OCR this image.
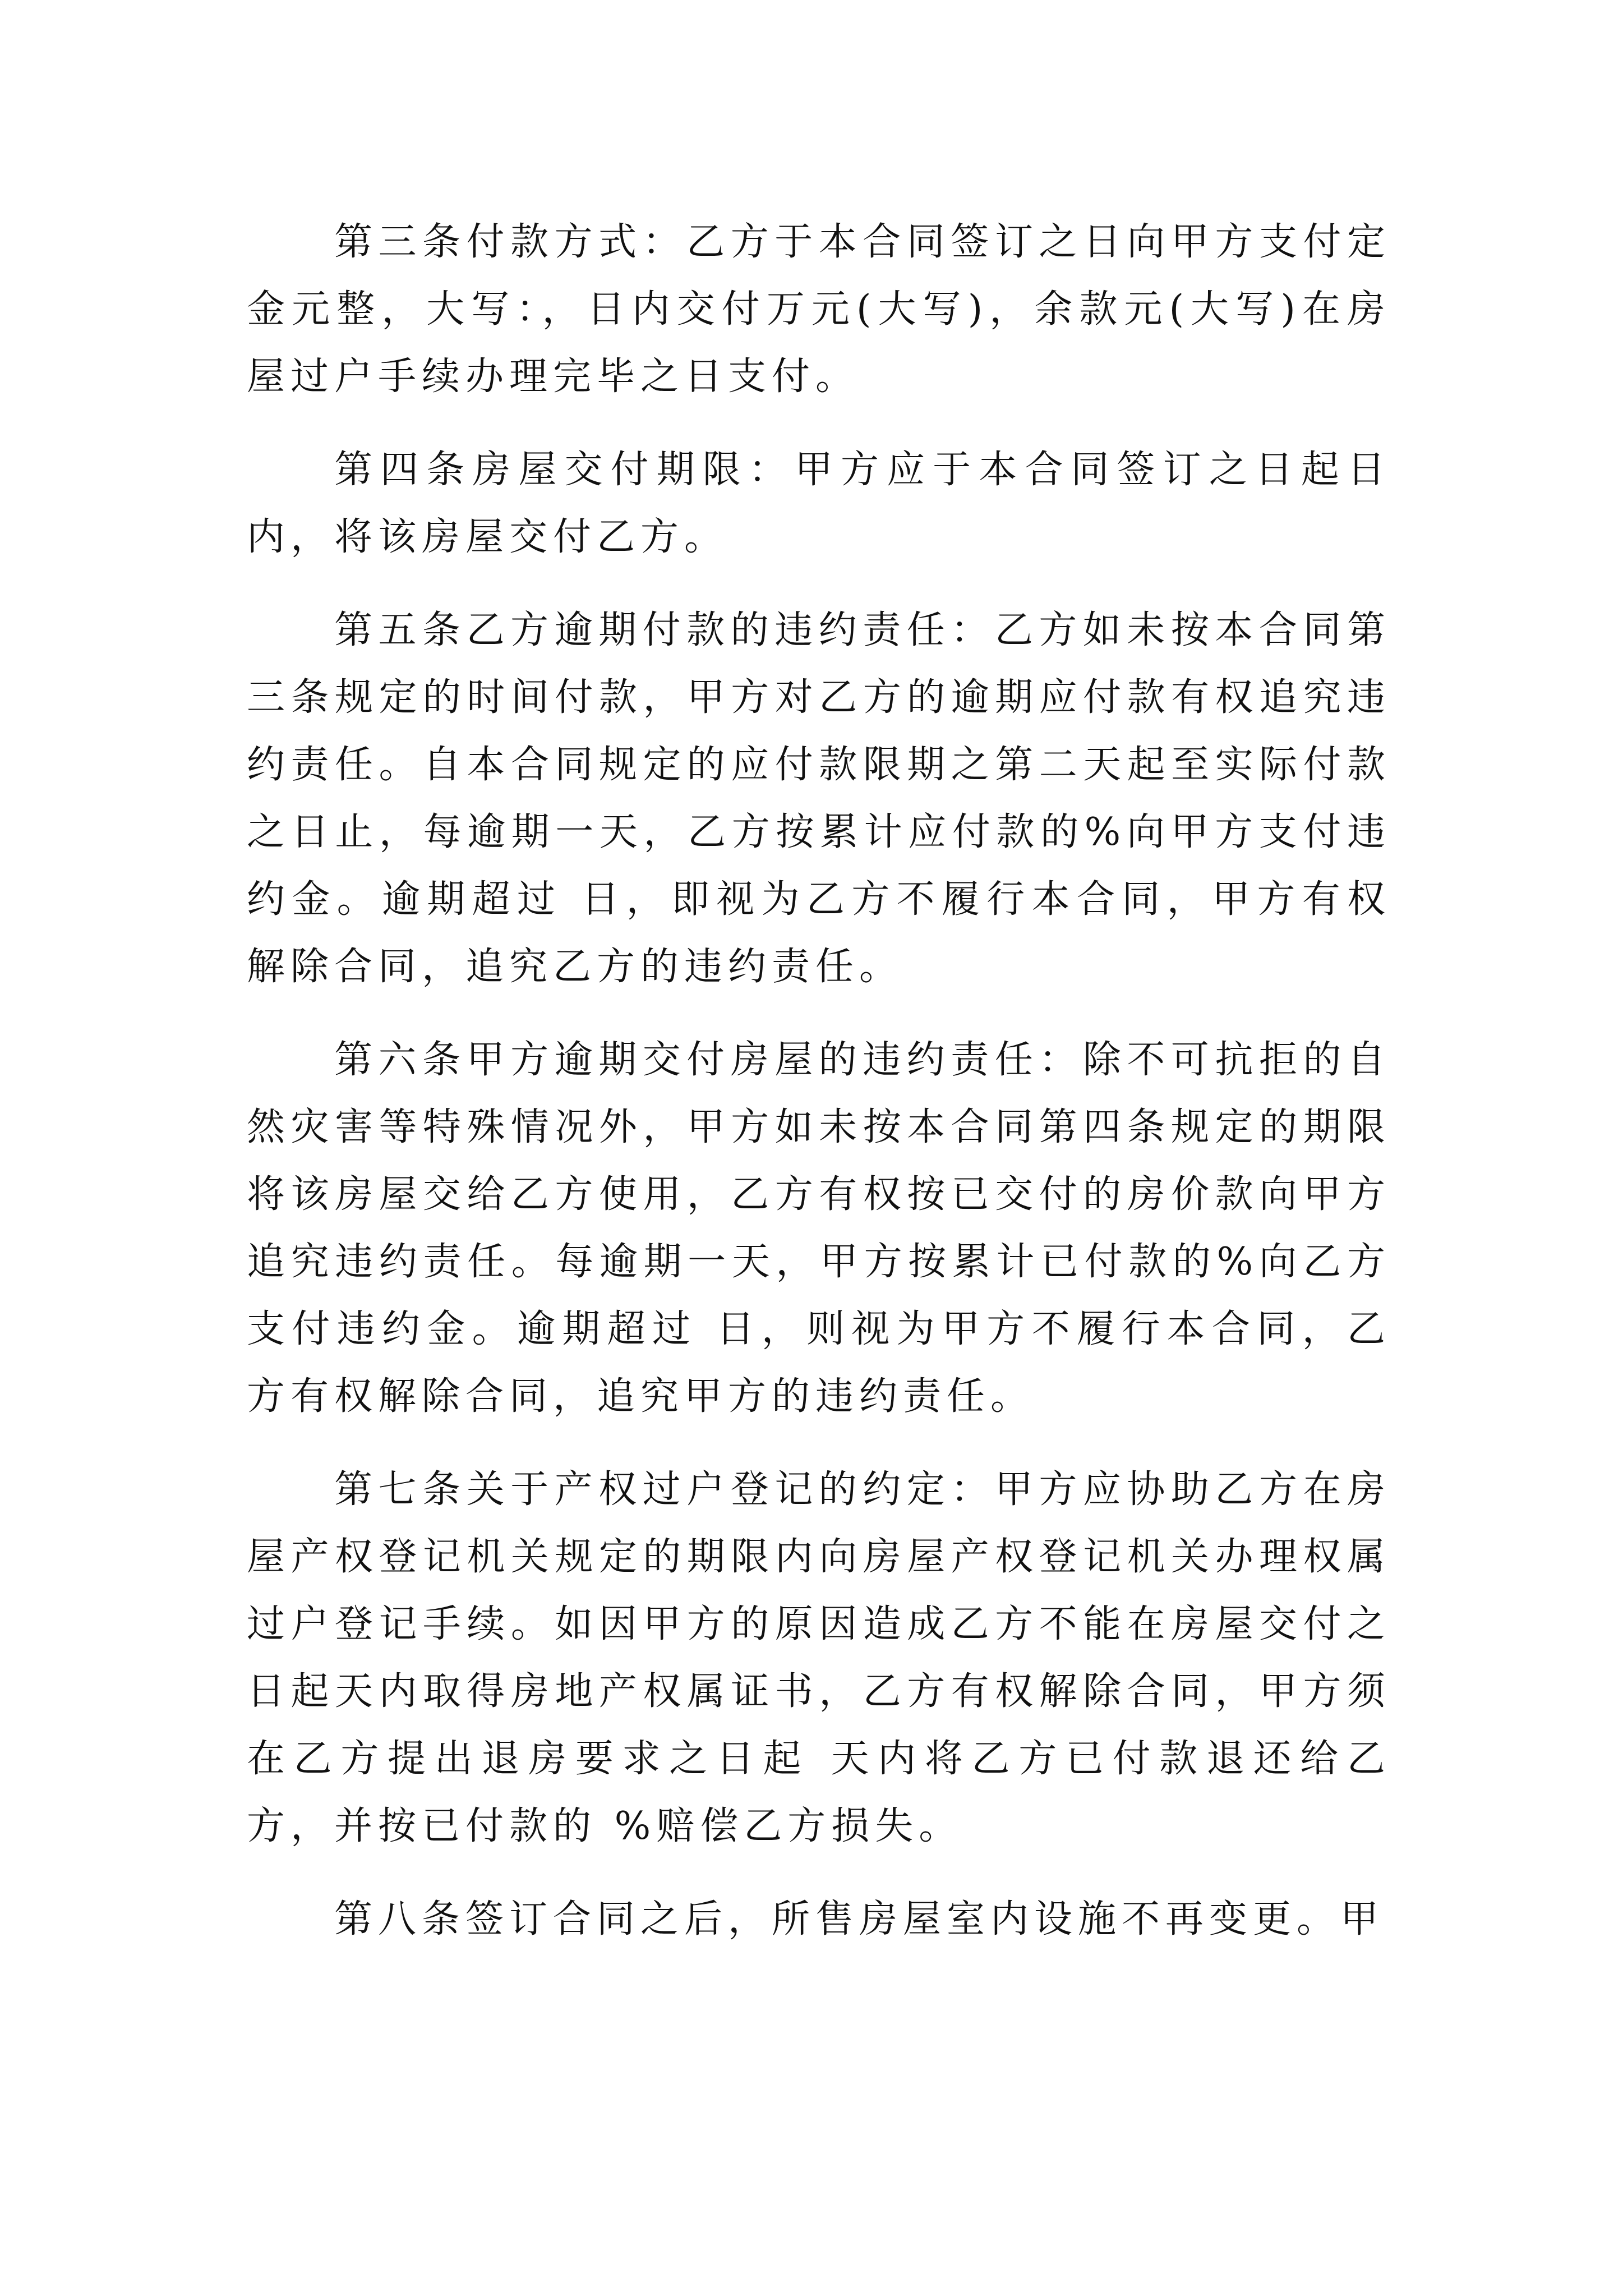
第三条付款方式：乙方于本合同签订之日向甲方支付定金元整，大写：，日内交付万元(大写)，余款元(大写)在房屋过户手续办理完毕之日支付。

第四条房屋交付期限：甲方应于本合同签订之日起日内，将该房屋交付乙方。

第五条乙方逾期付款的违约责任：乙方如未按本合同第三条规定的时间付款，甲方对乙方的逾期应付款有权追究违约责任。自本合同规定的应付款限期之第二天起至实际付款之日止，每逾期一天，乙方按累计应付款的%向甲方支付违约金。逾期超过 日，即视为乙方不履行本合同，甲方有权解除合同，追究乙方的违约责任。

第六条甲方逾期交付房屋的违约责任：除不可抗拒的自然灾害等特殊情况外，甲方如未按本合同第四条规定的期限将该房屋交给乙方使用，乙方有权按已交付的房价款向甲方追究违约责任。每逾期一天，甲方按累计已付款的%向乙方支付违约金。逾期超过 日，则视为甲方不履行本合同，乙方有权解除合同，追究甲方的违约责任。

第七条关于产权过户登记的约定：甲方应协助乙方在房屋产权登记机关规定的期限内向房屋产权登记机关办理权属过户登记手续。如因甲方的原因造成乙方不能在房屋交付之日起天内取得房地产权属证书，乙方有权解除合同，甲方须在乙方提出退房要求之日起 天内将乙方已付款退还给乙方，并按已付款的 %赔偿乙方损失。

第八条签订合同之后，所售房屋室内设施不再变更。甲
